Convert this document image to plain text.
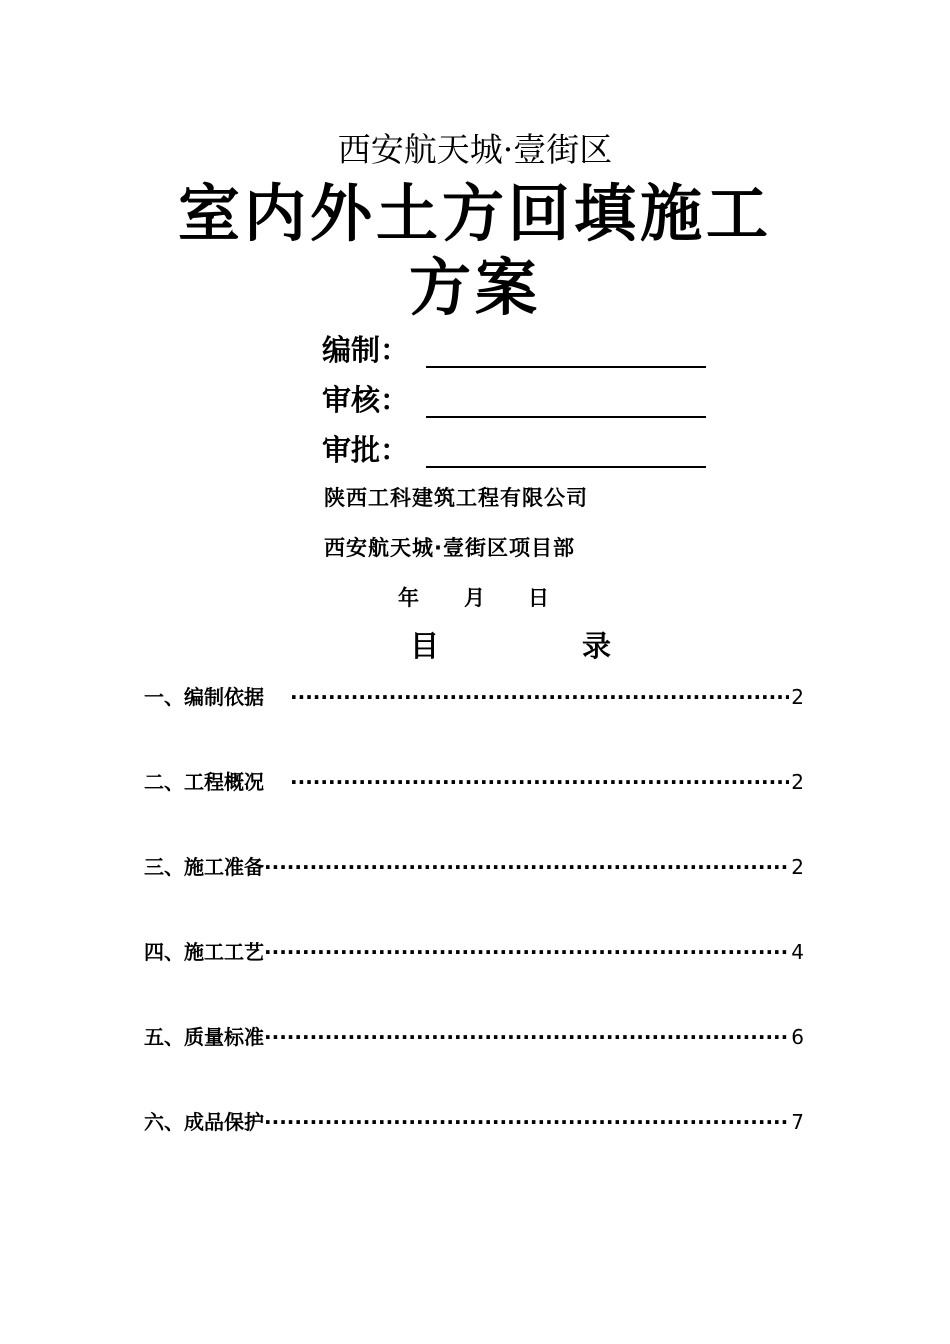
西安航天城·壹街区
室内外土方回填施工
方案
编制：
审核：
审批：
陕西工科建筑工程有限公司
西安航天城·壹街区项目部
年 月 日
目	录
一、编制依据 ·····	2
二、工程概况 ·····	2
三、施工准备 ·····	2
四、施工工艺 ·····	4
五、质量标准 ·····	6
六、成品保护 ·····	7
